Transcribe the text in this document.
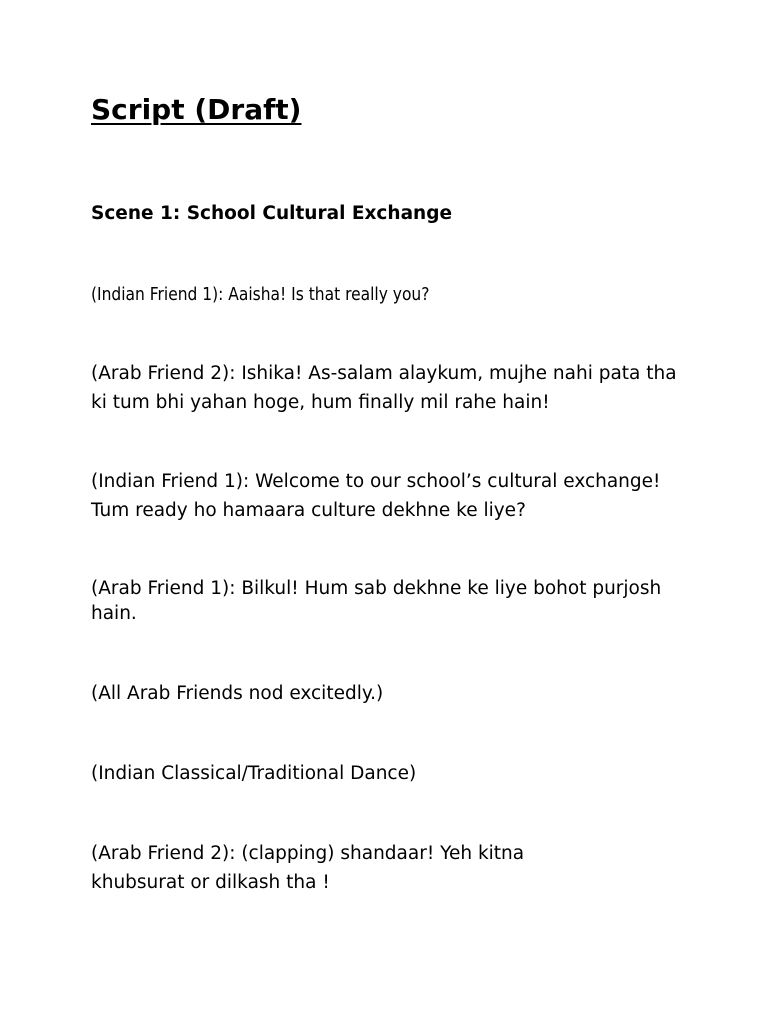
Script (Draft)
Scene 1: School Cultural Exchange

(Indian Friend 1): Aaisha! Is that really you?

(Arab Friend 2): Ishika! As-salam alaykum, mujhe nahi pata tha ki tum bhi yahan hoge, hum finally mil rahe hain!

(Indian Friend 1): Welcome to our school’s cultural exchange! Tum ready ho hamaara culture dekhne ke liye?

(Arab Friend 1): Bilkul! Hum sab dekhne ke liye bohot purjosh hain.

(All Arab Friends nod excitedly.)

(Indian Classical/Traditional Dance)

(Arab Friend 2): (clapping) shandaar! Yeh kitna khubsurat or dilkash tha !
